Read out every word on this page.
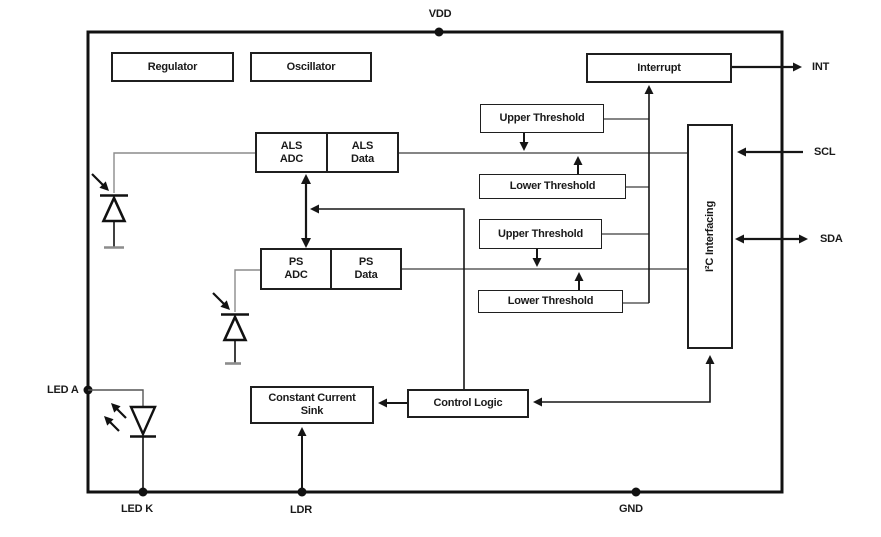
Regulator	Oscillator	Interrupt
ALS
ADC
ALS
Data
PS
ADC
PS
Data
Upper Threshold
Lower Threshold
Upper Threshold
Lower Threshold
I²C Interfacing
Constant Current
Sink
Control Logic
VDD
INT
SCL
SDA
LED A
LED K	LDR	GND
